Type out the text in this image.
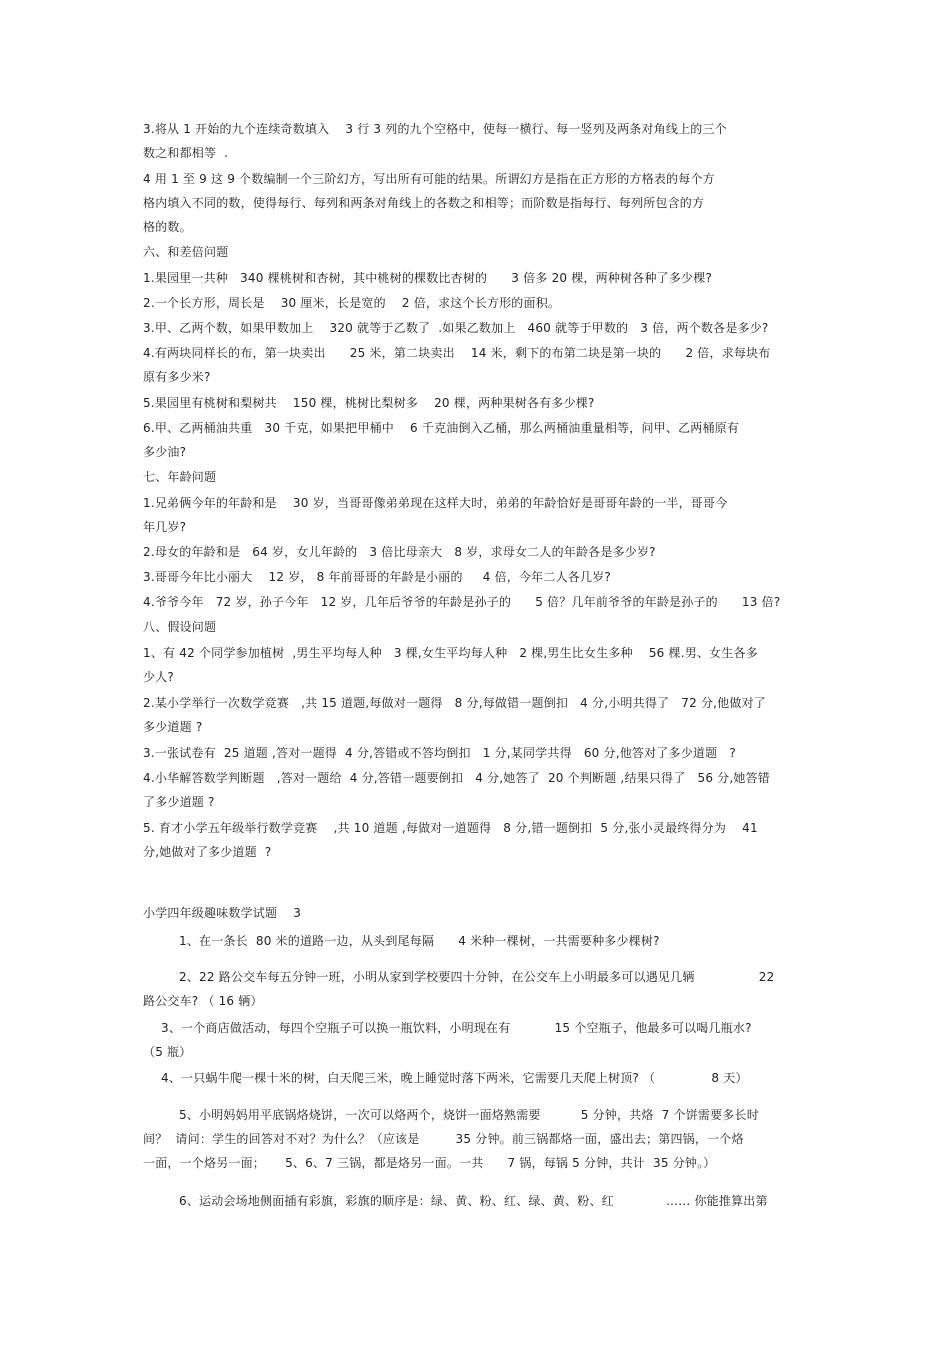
3.将从 1 开始的九个连续奇数填入    3 行 3 列的九个空格中，使每一横行、每一竖列及两条对角线上的三个
数之和都相等  .
4 用 1 至 9 这 9 个数编制一个三阶幻方，写出所有可能的结果。所谓幻方是指在正方形的方格表的每个方
格内填入不同的数，使得每行、每列和两条对角线上的各数之和相等；而阶数是指每行、每列所包含的方
格的数。
六、和差倍问题
1.果园里一共种   340 棵桃树和杏树，其中桃树的棵数比杏树的      3 倍多 20 棵，两种树各种了多少棵?
2.一个长方形，周长是    30 厘米，长是宽的    2 倍，求这个长方形的面积。
3.甲、乙两个数，如果甲数加上    320 就等于乙数了  .如果乙数加上   460 就等于甲数的   3 倍，两个数各是多少?
4.有两块同样长的布，第一块卖出      25 米，第二块卖出    14 米，剩下的布第二块是第一块的      2 倍，求每块布
原有多少米?
5.果园里有桃树和梨树共    150 棵，桃树比梨树多    20 棵，两种果树各有多少棵?
6.甲、乙两桶油共重   30 千克，如果把甲桶中    6 千克油倒入乙桶，那么两桶油重量相等，问甲、乙两桶原有
多少油?
七、年龄问题
1.兄弟俩今年的年龄和是    30 岁，当哥哥像弟弟现在这样大时，弟弟的年龄恰好是哥哥年龄的一半，哥哥今
年几岁?
2.母女的年龄和是   64 岁，女儿年龄的   3 倍比母亲大   8 岁，求母女二人的年龄各是多少岁?
3.哥哥今年比小丽大    12 岁， 8 年前哥哥的年龄是小丽的     4 倍，今年二人各几岁?
4.爷爷今年   72 岁，孙子今年   12 岁，几年后爷爷的年龄是孙子的      5 倍？几年前爷爷的年龄是孙子的      13 倍?
八、假设问题
1、有 42 个同学参加植树  ,男生平均每人种   3 棵,女生平均每人种   2 棵,男生比女生多种    56 棵.男、女生各多
少人?
2.某小学举行一次数学竞赛   ,共 15 道题,每做对一题得   8 分,每做错一题倒扣   4 分,小明共得了   72 分,他做对了
多少道题 ?
3.一张试卷有  25 道题 ,答对一题得  4 分,答错或不答均倒扣   1 分,某同学共得   60 分,他答对了多少道题   ?
4.小华解答数学判断题   ,答对一题给  4 分,答错一题要倒扣   4 分,她答了  20 个判断题 ,结果只得了   56 分,她答错
了多少道题 ?
5. 育才小学五年级举行数学竞赛    ,共 10 道题 ,每做对一道题得   8 分,错一题倒扣  5 分,张小灵最终得分为    41
分,她做对了多少道题  ?
小学四年级趣味数学试题    3
1、在一条长  80 米的道路一边，从头到尾每隔      4 米种一棵树，一共需要种多少棵树?
2、22 路公交车每五分钟一班，小明从家到学校要四十分钟，在公交车上小明最多可以遇见几辆                22
路公交车? （ 16 辆）
3、一个商店做活动，每四个空瓶子可以换一瓶饮料，小明现在有           15 个空瓶子，他最多可以喝几瓶水?
（5 瓶）
4、一只蜗牛爬一棵十米的树，白天爬三米，晚上睡觉时落下两米，它需要几天爬上树顶? （              8 天）
5、小明妈妈用平底锅烙烧饼，一次可以烙两个，烧饼一面烙熟需要          5 分钟，共烙  7 个饼需要多长时
间？  请问：学生的回答对不对？为什么？（应该是         35 分钟。前三锅都烙一面，盛出去；第四锅，一个烙
一面，一个烙另一面；     5、6、7 三锅，都是烙另一面。一共      7 锅，每锅 5 分钟，共计  35 分钟。）
6、运动会场地侧面插有彩旗，彩旗的顺序是：绿、黄、粉、红、绿、黄、粉、红             …… 你能推算出第
